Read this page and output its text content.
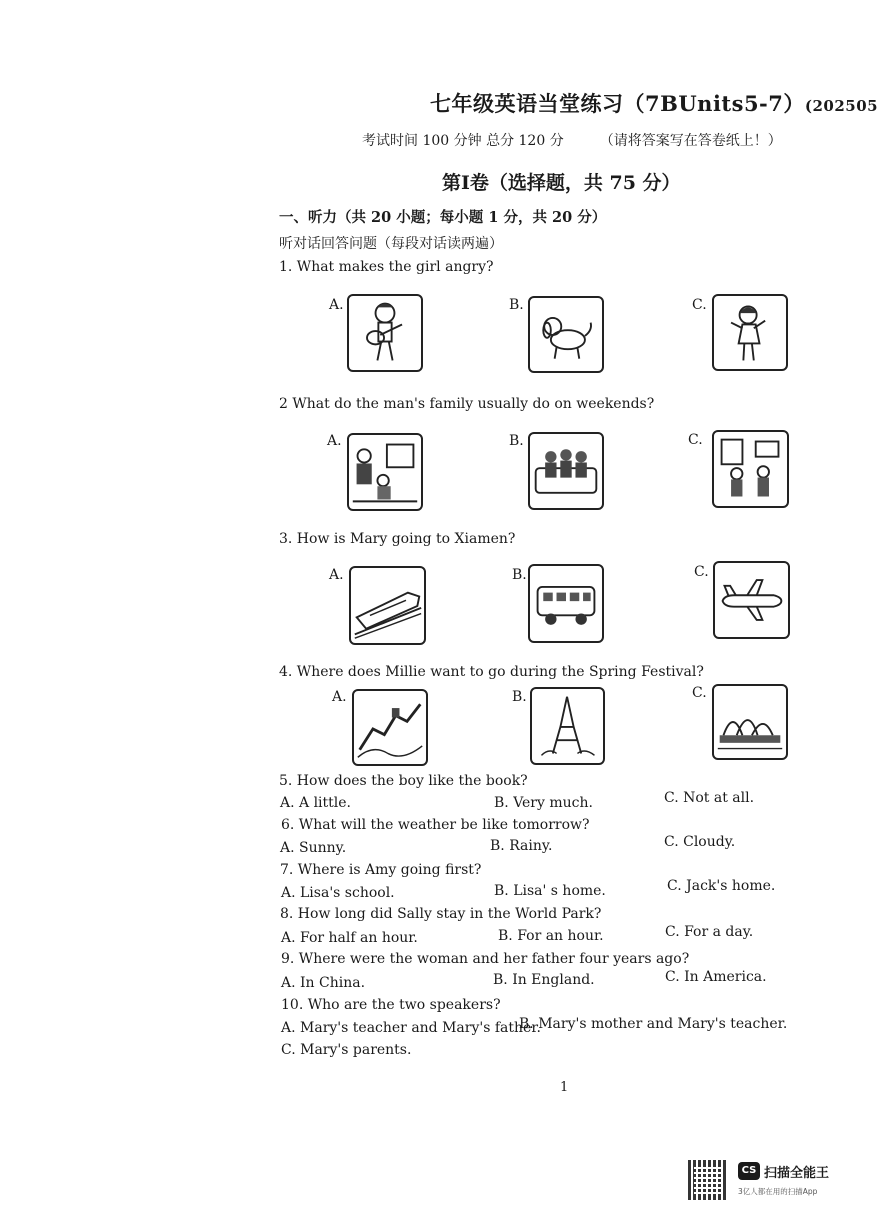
七年级英语当堂练习（7BUnits5-7）(202505
考试时间 100 分钟 总分 120 分	（请将答案写在答卷纸上！）
第Ⅰ卷（选择题，共 75 分）
一、听力（共 20 小题；每小题 1 分，共 20 分）
听对话回答问题（每段对话读两遍）
1. What makes the girl angry?
A.	B.	C.
2 What do the man's family usually do on weekends?
A.	B.	C.
3. How is Mary going to Xiamen?
A.	B.	C.
4. Where does Millie want to go during the Spring Festival?
A.	B.	C.
5. How does the boy like the book?
A. A little.	B. Very much.	C. Not at all.
6. What will the weather be like tomorrow?
A. Sunny.	B. Rainy.	C. Cloudy.
7. Where is Amy going first?
A. Lisa's school.	B. Lisa' s home.	C. Jack's home.
8. How long did Sally stay in the World Park?
A. For half an hour.	B. For an hour.	C. For a day.
9. Where were the woman and her father four years ago?
A. In China.	B. In England.	C. In America.
10. Who are the two speakers?
A. Mary's teacher and Mary's father.
B. Mary's mother and Mary's teacher.
C. Mary's parents.
1
CS 扫描全能王
3亿人都在用的扫描App
